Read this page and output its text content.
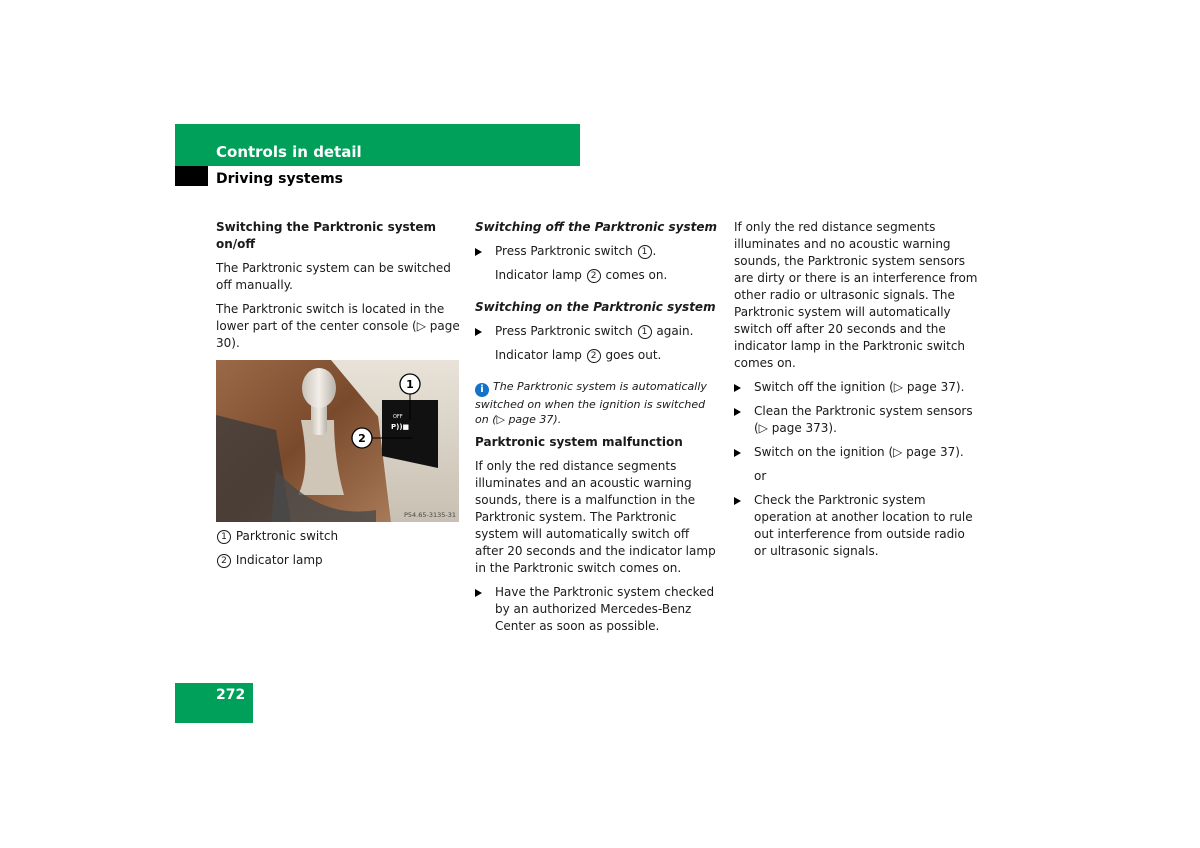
Controls in detail
Driving systems

Switching the Parktronic system on/off

The Parktronic system can be switched off manually.

The Parktronic switch is located in the lower part of the center console (▷ page 30).

OFF
P))■
1
2
P54.65-3135-31

1 Parktronic switch

2 Indicator lamp

Switching off the Parktronic system

Press Parktronic switch 1 .

Indicator lamp 2 comes on.

Switching on the Parktronic system

Press Parktronic switch 1 again.

Indicator lamp 2 goes out.

i The Parktronic system is automatically switched on when the ignition is switched on (▷ page 37).

Parktronic system malfunction

If only the red distance segments illuminates and an acoustic warning sounds, there is a malfunction in the Parktronic system. The Parktronic system will automatically switch off after 20 seconds and the indicator lamp in the Parktronic switch comes on.

Have the Parktronic system checked by an authorized Mercedes-Benz Center as soon as possible.

If only the red distance segments illuminates and no acoustic warning sounds, the Parktronic system sensors are dirty or there is an interference from other radio or ultrasonic signals. The Parktronic system will automatically switch off after 20 seconds and the indicator lamp in the Parktronic switch comes on.

Switch off the ignition (▷ page 37).
Clean the Parktronic system sensors (▷ page 373).
Switch on the ignition (▷ page 37).

or

Check the Parktronic system operation at another location to rule out interference from outside radio or ultrasonic signals.
272
